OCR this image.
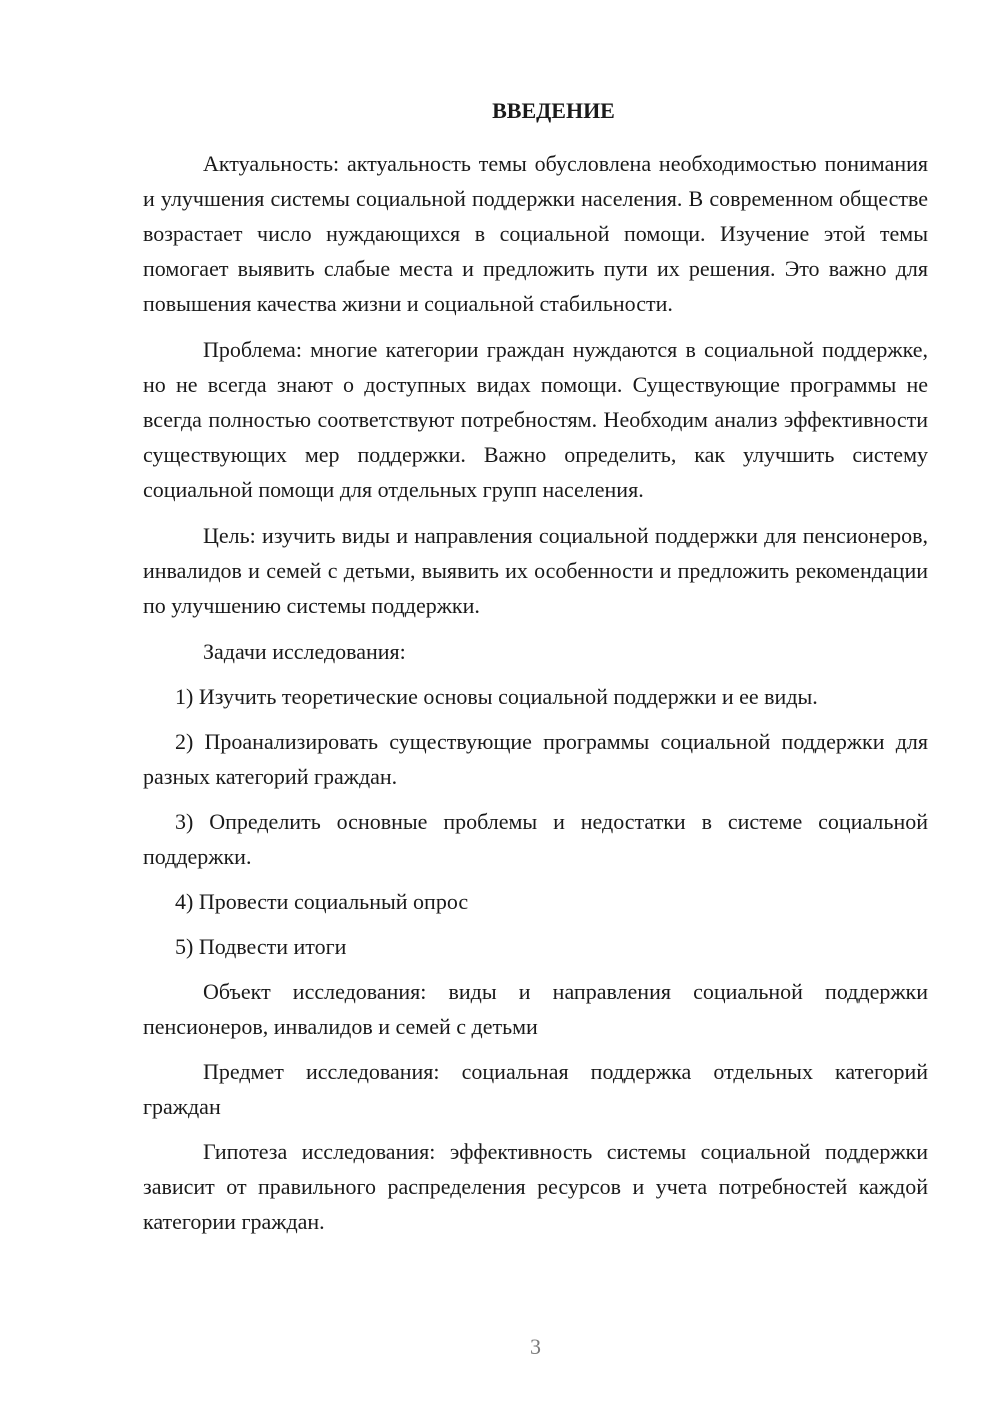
ВВЕДЕНИЕ

Актуальность: актуальность темы обусловлена необходимостью понимания и улучшения системы социальной поддержки населения. В современном обществе возрастает число нуждающихся в социальной помощи. Изучение этой темы помогает выявить слабые места и предложить пути их решения. Это важно для повышения качества жизни и социальной стабильности.

Проблема: многие категории граждан нуждаются в социальной поддержке, но не всегда знают о доступных видах помощи. Существующие программы не всегда полностью соответствуют потребностям. Необходим анализ эффективности существующих мер поддержки. Важно определить, как улучшить систему социальной помощи для отдельных групп населения.

Цель: изучить виды и направления социальной поддержки для пенсионеров, инвалидов и семей с детьми, выявить их особенности и предложить рекомендации по улучшению системы поддержки.

Задачи исследования:

1) Изучить теоретические основы социальной поддержки и ее виды.

2) Проанализировать существующие программы социальной поддержки для разных категорий граждан.

3) Определить основные проблемы и недостатки в системе социальной поддержки.

4) Провести социальный опрос

5) Подвести итоги

Объект исследования: виды и направления социальной поддержки пенсионеров, инвалидов и семей с детьми

Предмет исследования: социальная поддержка отдельных категорий граждан

Гипотеза исследования: эффективность системы социальной поддержки зависит от правильного распределения ресурсов и учета потребностей каждой категории граждан.

3
